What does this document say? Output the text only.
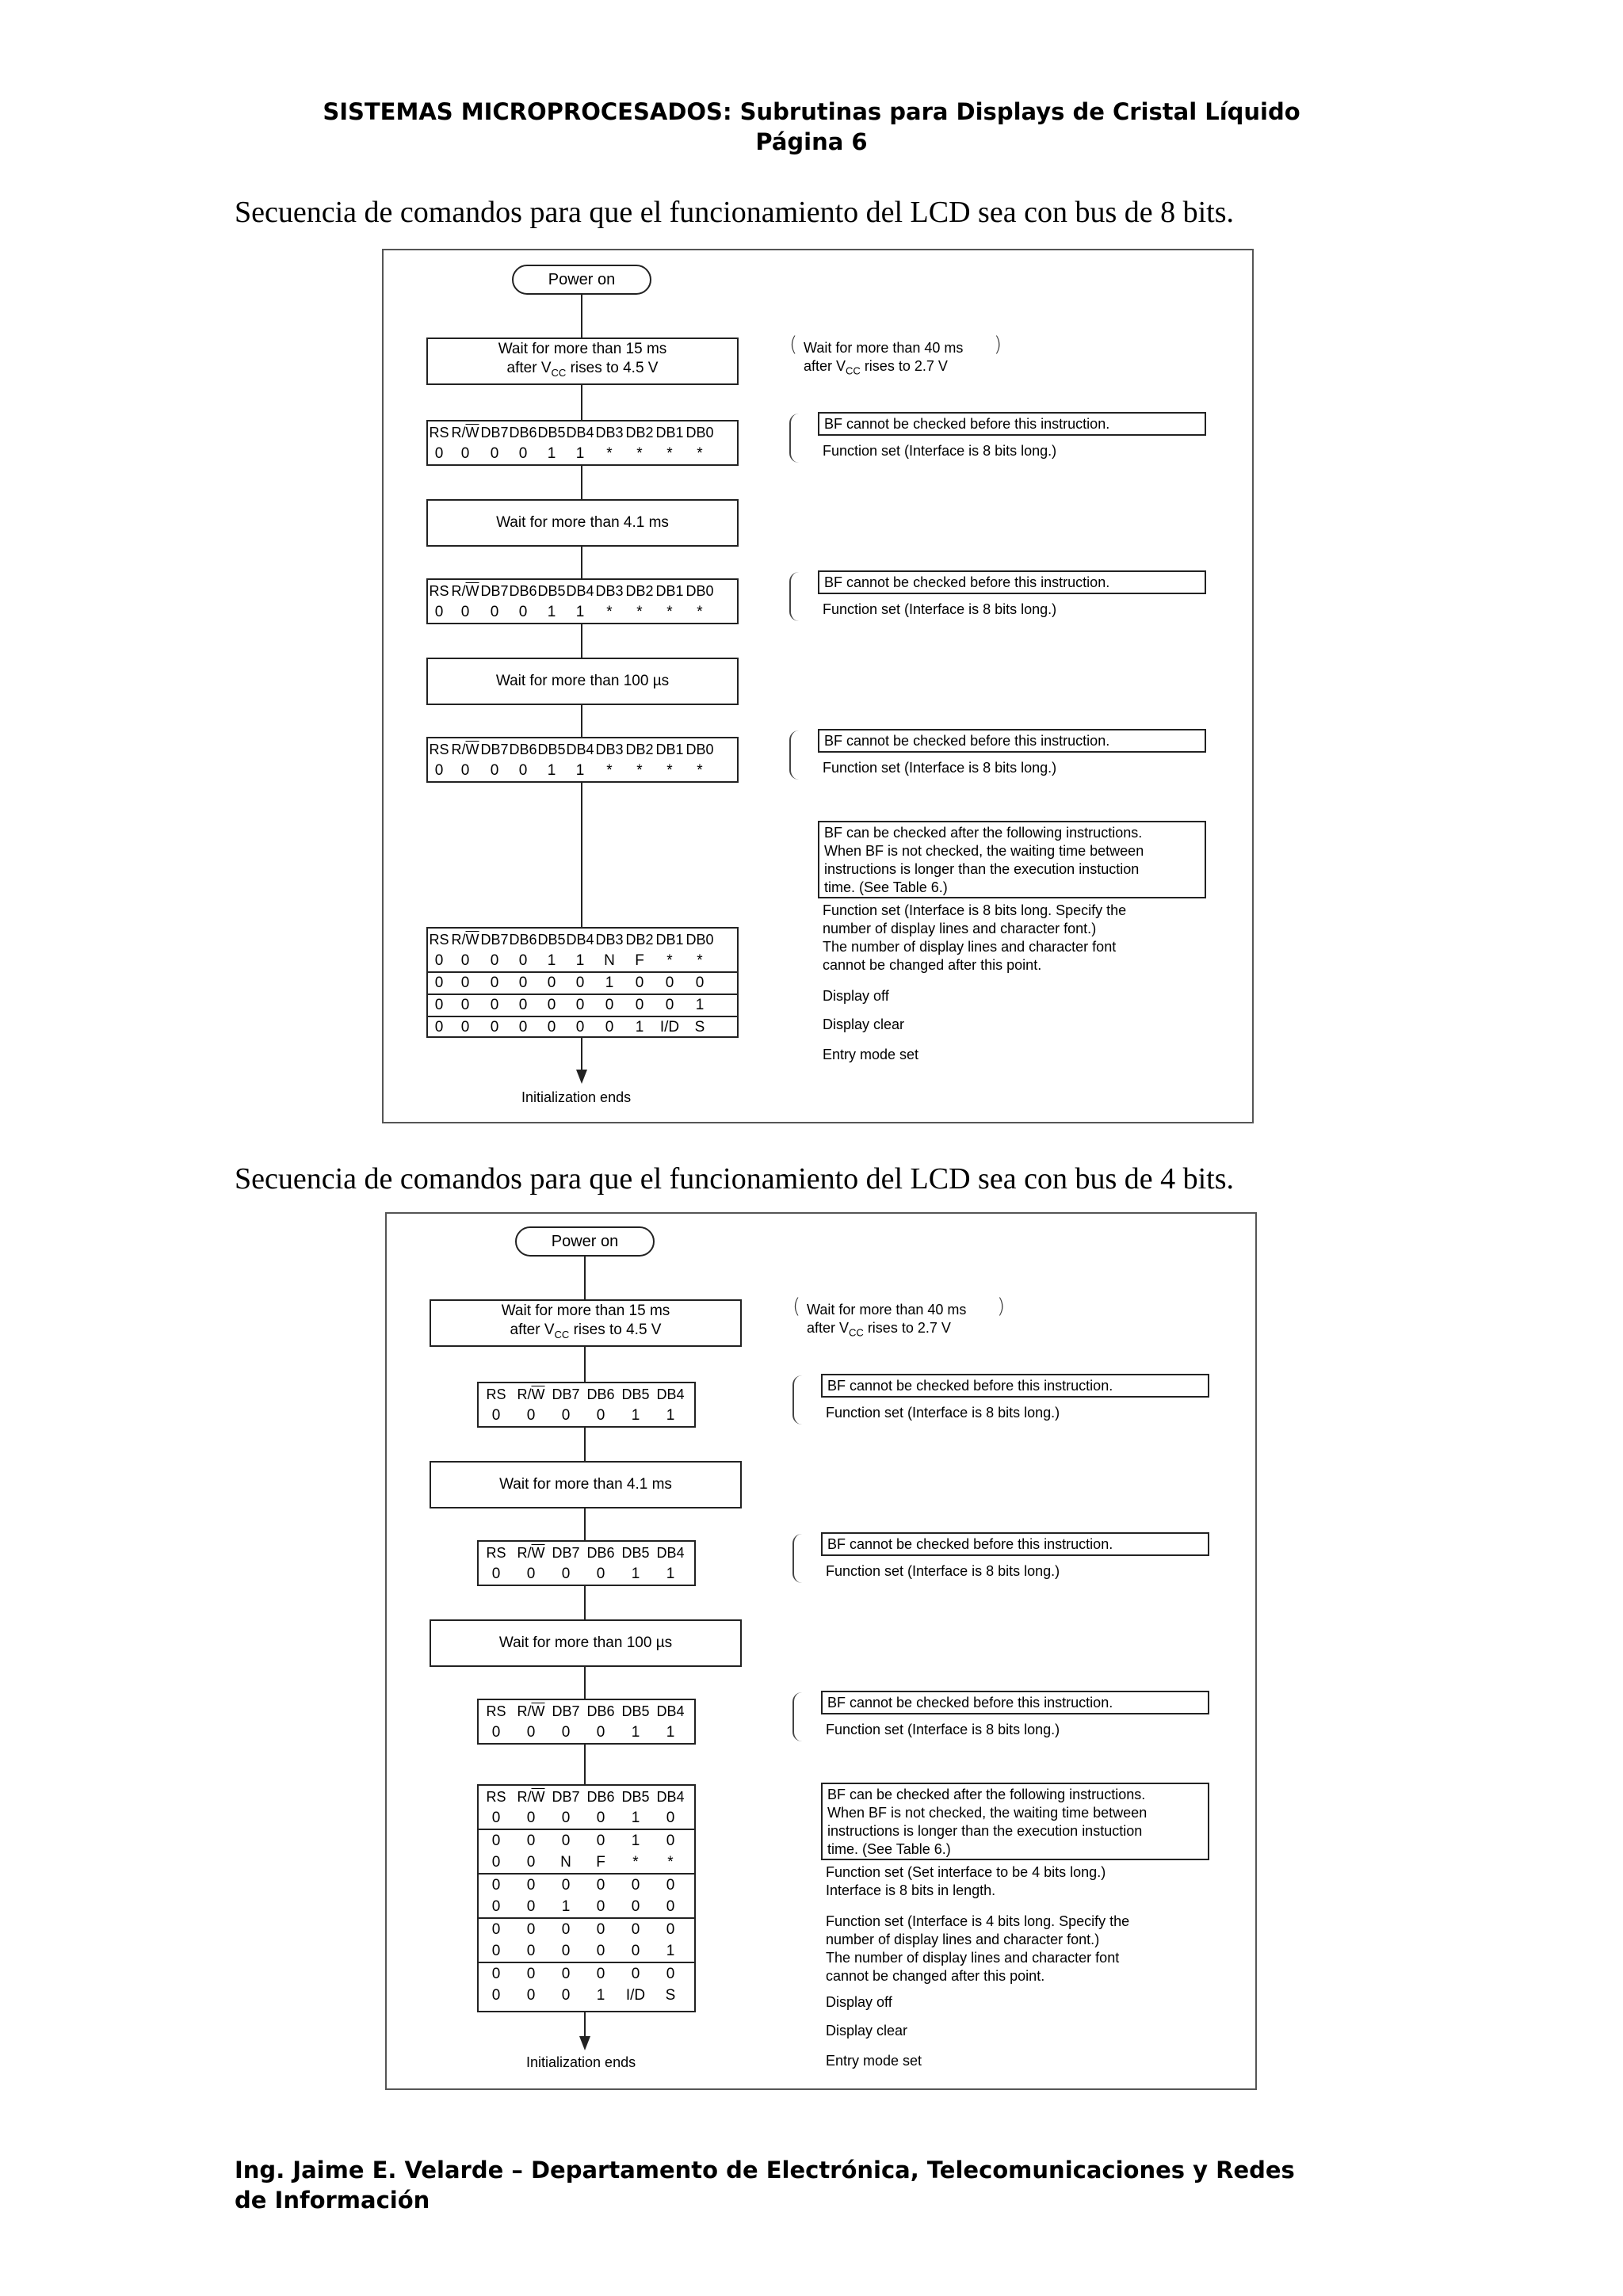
SISTEMAS MICROPROCESADOS: Subrutinas para Displays de Cristal Líquido
Página 6
Secuencia de comandos para que el funcionamiento del LCD sea con bus de 8 bits.
Power on
Wait for more than 15 ms
after $V_{CC}$ rises to 4.5 V
( Wait for more than 40 ms
after $V_{CC}$ rises to 2.7 V
)
RS $R/\overline{W}$ DB7 DB6 DB5 DB4 DB3 DB2 DB1 DB0
0	0	0	0	1	1	*	*	*	*
BF cannot be checked before this instruction.
Function set (Interface is 8 bits long.)
Wait for more than 4.1 ms
RS $R/\overline{W}$ DB7 DB6 DB5 DB4 DB3 DB2 DB1 DB0
0	0	0	0	1	1	*	*	*	*
BF cannot be checked before this instruction.
Function set (Interface is 8 bits long.)
Wait for more than 100 µs
RS $R/\overline{W}$ DB7 DB6 DB5 DB4 DB3 DB2 DB1 DB0
0	0	0	0	1	1	*	*	*	*
BF cannot be checked before this instruction.
Function set (Interface is 8 bits long.)
BF can be checked after the following instructions.
When BF is not checked, the waiting time between
instructions is longer than the execution instuction
time. (See Table 6.)
RS $R/\overline{W}$ DB7 DB6 DB5 DB4 DB3 DB2 DB1 DB0
0	0	0	0	1	1	N	F	*	*
0	0	0	0	0	0	1	0	0	0
0	0	0	0	0	0	0	0	0	1
0	0	0	0	0	0	0	1	I/D	S
Function set (Interface is 8 bits long. Specify the
number of display lines and character font.)
The number of display lines and character font
cannot be changed after this point.
Display off
Display clear
Entry mode set
Initialization ends
Secuencia de comandos para que el funcionamiento del LCD sea con bus de 4 bits.
Power on
Wait for more than 15 ms
after $V_{CC}$ rises to 4.5 V
( Wait for more than 40 ms
after $V_{CC}$ rises to 2.7 V
)
RS $R/\overline{W}$ DB7 DB6 DB5 DB4
0	0	0	0	1	1
BF cannot be checked before this instruction.
Function set (Interface is 8 bits long.)
Wait for more than 4.1 ms
RS $R/\overline{W}$ DB7 DB6 DB5 DB4
0	0	0	0	1	1
BF cannot be checked before this instruction.
Function set (Interface is 8 bits long.)
Wait for more than 100 µs
RS $R/\overline{W}$ DB7 DB6 DB5 DB4
0	0	0	0	1	1
BF cannot be checked before this instruction.
Function set (Interface is 8 bits long.)
RS $R/\overline{W}$ DB7 DB6 DB5 DB4
0	0	0	0	1	0
0	0	0	0	1	0
0	0	N	F	*	*
0	0	0	0	0	0
0	0	1	0	0	0
0	0	0	0	0	0
0	0	0	0	0	1
0	0	0	0	0	0
0	0	0	1	I/D	S
BF can be checked after the following instructions.
When BF is not checked, the waiting time between
instructions is longer than the execution instuction
time. (See Table 6.)
Function set (Set interface to be 4 bits long.)
Interface is 8 bits in length.
Function set (Interface is 4 bits long. Specify the
number of display lines and character font.)
The number of display lines and character font
cannot be changed after this point.
Display off
Display clear
Entry mode set
Initialization ends
Ing. Jaime E. Velarde – Departamento de Electrónica, Telecomunicaciones y Redes
de Información
